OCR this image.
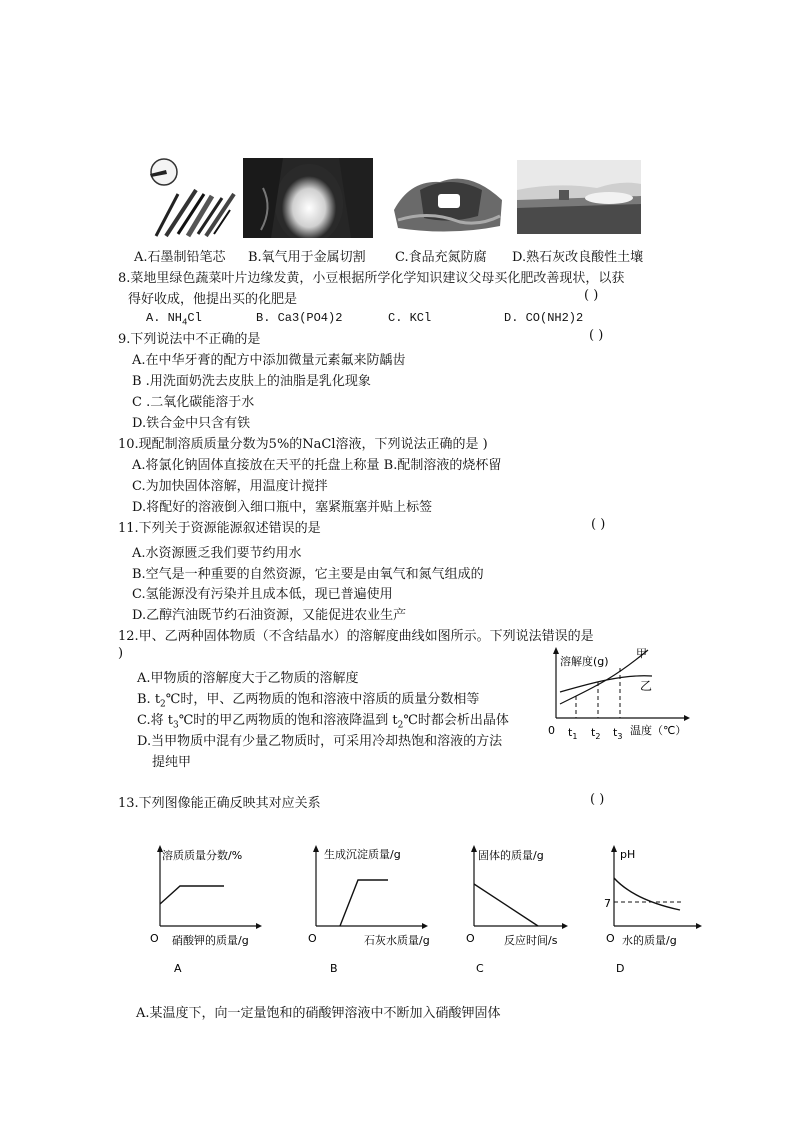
A.石墨制铅笔芯 B.氧气用于金属切割 C.食品充氮防腐 D.熟石灰改良酸性土壤
8.菜地里绿色蔬菜叶片边缘发黄，小豆根据所学化学知识建议父母买化肥改善现状，以获
得好收成，他提出买的化肥是	( )
A. $NH_4Cl$	B. Ca3(PO4)2	C. KCl	D. CO(NH2)2
9.下列说法中不正确的是	( )
A.在中华牙膏的配方中添加微量元素氟来防龋齿
B .用洗面奶洗去皮肤上的油脂是乳化现象
C .二氧化碳能溶于水
D.铁合金中只含有铁
10.现配制溶质质量分数为5%的NaCl溶液，下列说法正确的是 )
A.将氯化钠固体直接放在天平的托盘上称量 B.配制溶液的烧杯留
C.为加快固体溶解，用温度计搅拌
D.将配好的溶液倒入细口瓶中，塞紧瓶塞并贴上标签
11.下列关于资源能源叙述错误的是	( )
A.水资源匮乏我们要节约用水
B.空气是一种重要的自然资源，它主要是由氧气和氮气组成的
C.氢能源没有污染并且成本低，现已普遍使用
D.乙醇汽油既节约石油资源，又能促进农业生产
12.甲、乙两种固体物质（不含结晶水）的溶解度曲线如图所示。下列说法错误的是
)
A.甲物质的溶解度大于乙物质的溶解度
B. $t_2℃$时，甲、乙两物质的饱和溶液中溶质的质量分数相等
C.将 $t_3℃$时的甲乙两物质的饱和溶液降温到 $t_2℃$时都会析出晶体
D.当甲物质中混有少量乙物质时，可采用冷却热饱和溶液的方法
提纯甲
溶解度(g)
甲
乙
0 $t_1$ $t_2$ $t_3$ 温度（℃）
13.下列图像能正确反映其对应关系	( )
溶质质量分数/%
O 硝酸钾的质量/g
A
生成沉淀质量/g
O	石灰水质量/g
B
固体的质量/g
O	反应时间/s
C
pH
7
O 水的质量/g
D
A.某温度下，向一定量饱和的硝酸钾溶液中不断加入硝酸钾固体
